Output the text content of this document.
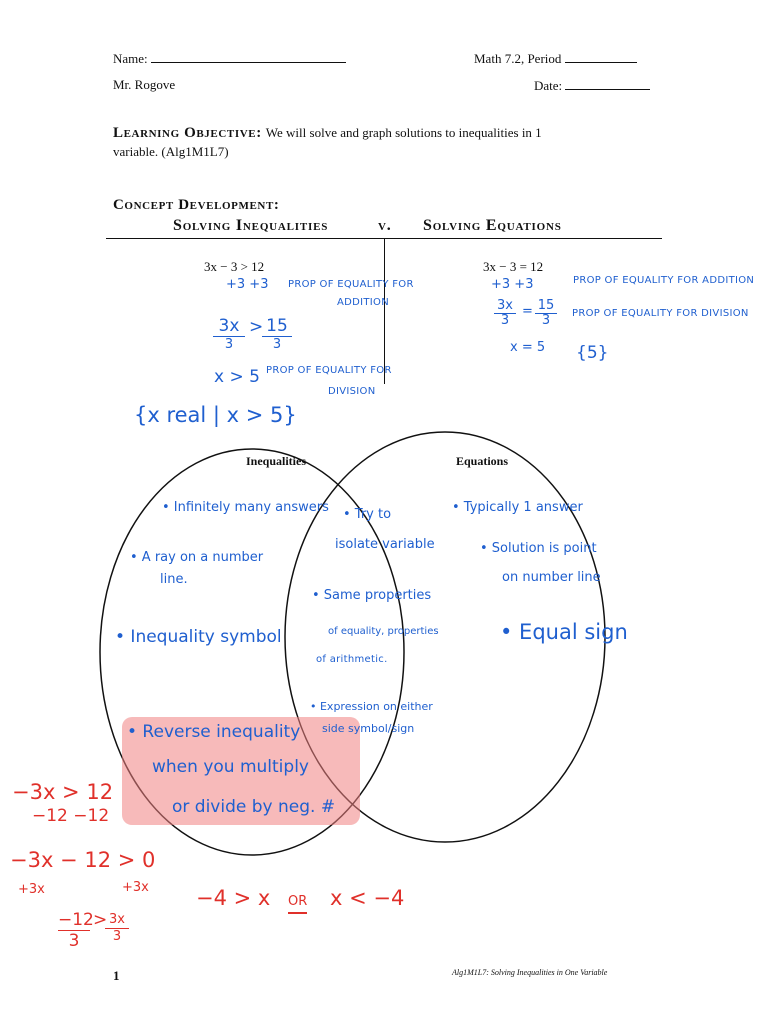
Name:	Math 7.2, Period
Mr. Rogove	Date:
Learning Objective: We will solve and graph solutions to inequalities in 1
variable. (Alg1M1L7)
Concept Development:
Solving Inequalities	v. Solving Equations
3x − 3 > 12
+3 +3 PROP OF EQUALITY FOR
ADDITION
3x
3
> 15
3
x > 5 PROP OF EQUALITY FOR
DIVISION
{x real | x > 5}
3x − 3 = 12
+3 +3	PROP OF EQUALITY FOR ADDITION
$\frac{3x}{3} = \frac{15}{3}$ PROP OF EQUALITY FOR DIVISION
x = 5 {5}
Inequalities	Equations
• Infinitely many answers
• A ray on a number
line.
• Inequality symbol
• Reverse inequality
when you multiply
or divide by neg. #
• Try to
isolate variable
• Same properties
of equality, properties
of arithmetic.
• Expression on either
side symbol/sign
• Typically 1 answer
• Solution is point
on number line
• Equal sign
−3x > 12
−12 −12
−3x − 12 > 0
+3x	+3x
$\frac{-12}{3}$ >
$\frac{3x}{3}$
−4 > x OR x < −4
1	Alg1M1L7: Solving Inequalities in One Variable
